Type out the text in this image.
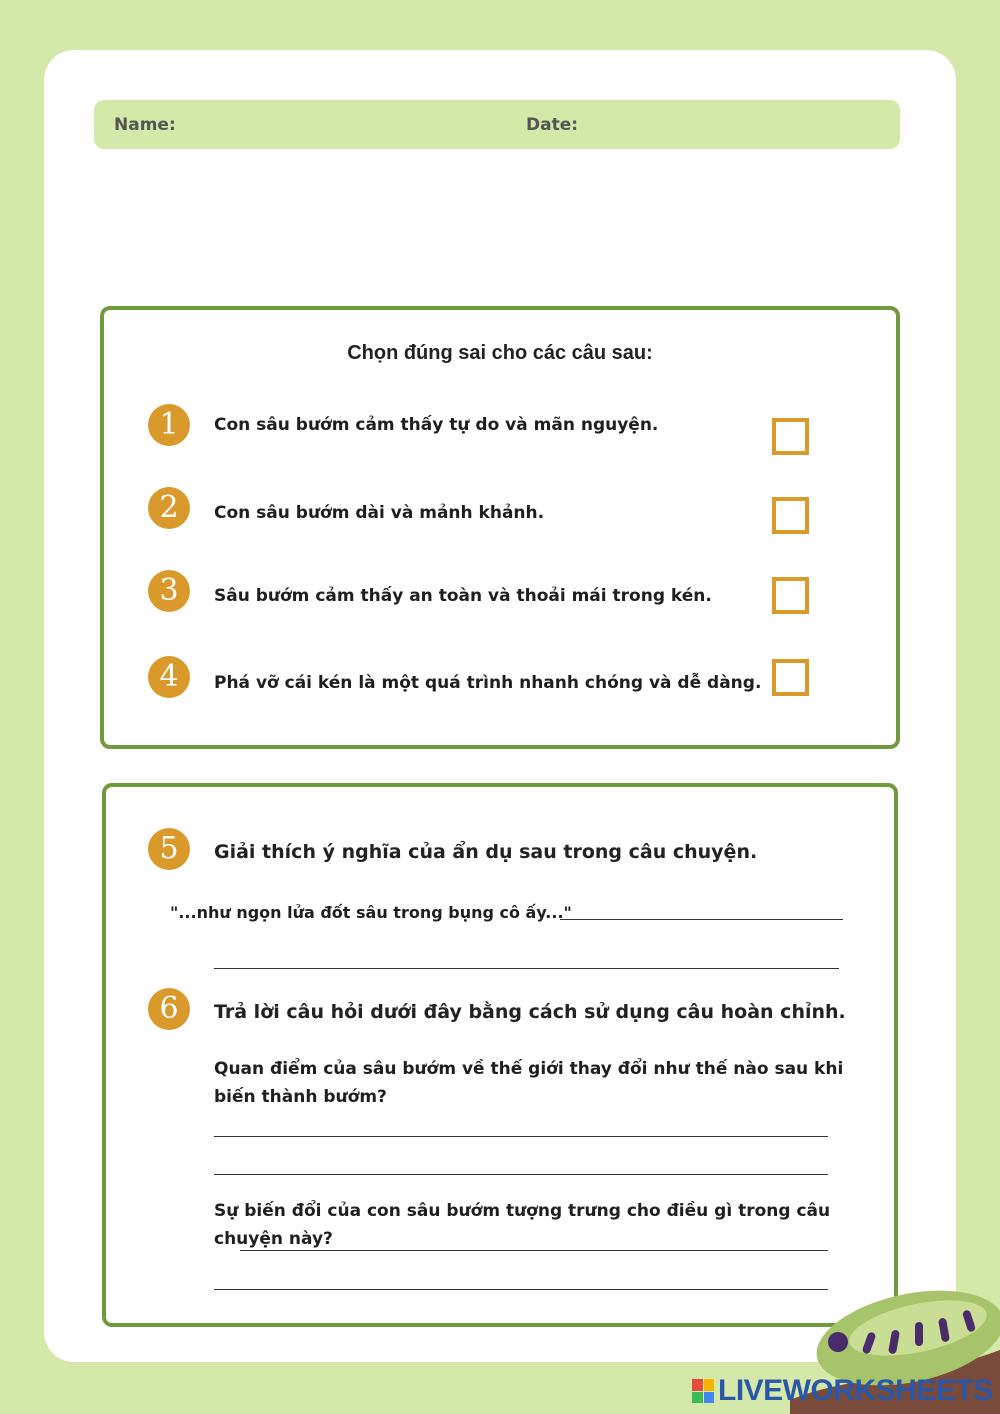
Name:	Date:
Chọn đúng sai cho các câu sau:
1	Con sâu bướm cảm thấy tự do và mãn nguyện.
2	Con sâu bướm dài và mảnh khảnh.
3	Sâu bướm cảm thấy an toàn và thoải mái trong kén.
4	Phá vỡ cái kén là một quá trình nhanh chóng và dễ dàng.
5	Giải thích ý nghĩa của ẩn dụ sau trong câu chuyện.
"...như ngọn lửa đốt sâu trong bụng cô ấy..."
6	Trả lời câu hỏi dưới đây bằng cách sử dụng câu hoàn chỉnh.
Quan điểm của sâu bướm về thế giới thay đổi như thế nào sau khi biến thành bướm?
Sự biến đổi của con sâu bướm tượng trưng cho điều gì trong câu chuyện này?
LIVEWORKSHEETS
